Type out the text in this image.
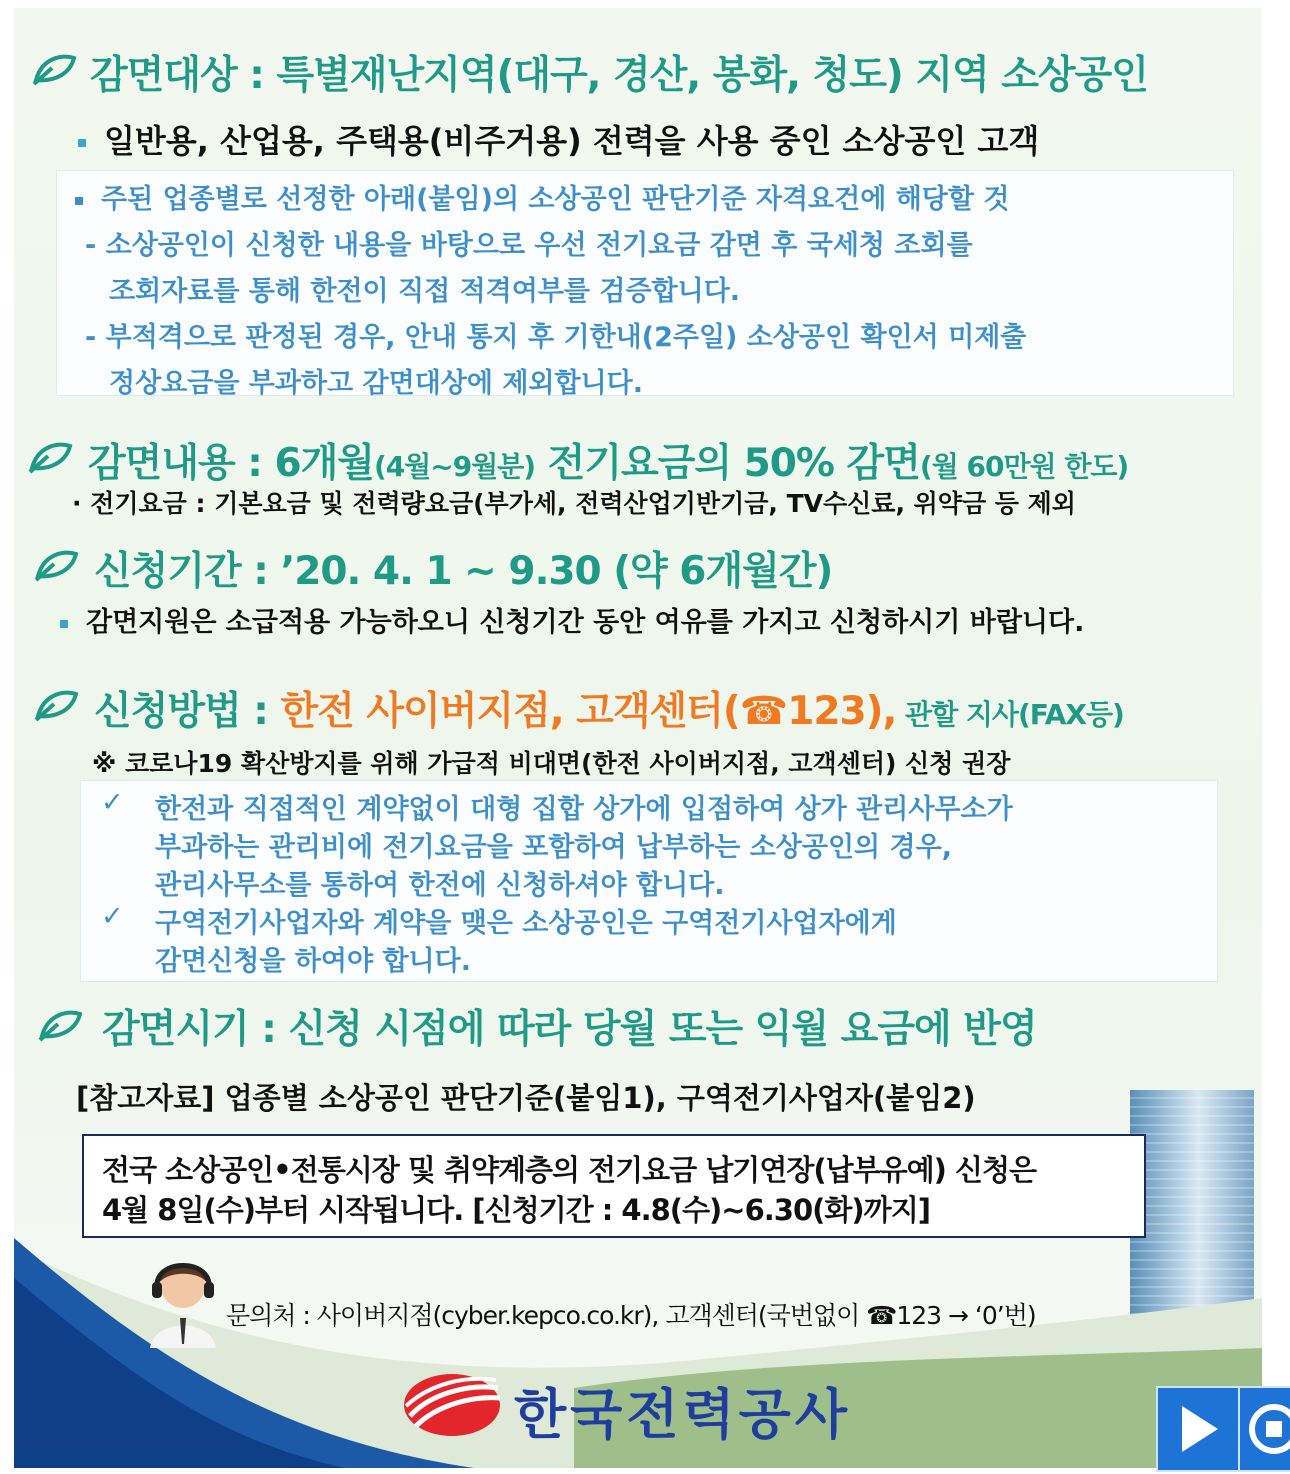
감면대상 : 특별재난지역(대구, 경산, 봉화, 청도) 지역 소상공인
일반용, 산업용, 주택용(비주거용) 전력을 사용 중인 소상공인 고객
주된 업종별로 선정한 아래(붙임)의 소상공인 판단기준 자격요건에 해당할 것
- 소상공인이 신청한 내용을 바탕으로 우선 전기요금 감면 후 국세청 조회를
조회자료를 통해 한전이 직접 적격여부를 검증합니다.
- 부적격으로 판정된 경우, 안내 통지 후 기한내(2주일) 소상공인 확인서 미제출
정상요금을 부과하고 감면대상에 제외합니다.
감면내용 : 6개월(4월~9월분) 전기요금의 50% 감면(월 60만원 한도)
· 전기요금 : 기본요금 및 전력량요금(부가세, 전력산업기반기금, TV수신료, 위약금 등 제외
신청기간 : ’20. 4. 1 ~ 9.30 (약 6개월간)
감면지원은 소급적용 가능하오니 신청기간 동안 여유를 가지고 신청하시기 바랍니다.
신청방법 : 한전 사이버지점, 고객센터(☎123), 관할 지사(FAX등)
※ 코로나19 확산방지를 위해 가급적 비대면(한전 사이버지점, 고객센터) 신청 권장
✓ 한전과 직접적인 계약없이 대형 집합 상가에 입점하여 상가 관리사무소가
부과하는 관리비에 전기요금을 포함하여 납부하는 소상공인의 경우,
관리사무소를 통하여 한전에 신청하셔야 합니다.
✓ 구역전기사업자와 계약을 맺은 소상공인은 구역전기사업자에게
감면신청을 하여야 합니다.
감면시기 : 신청 시점에 따라 당월 또는 익월 요금에 반영
[참고자료] 업종별 소상공인 판단기준(붙임1), 구역전기사업자(붙임2)
전국 소상공인•전통시장 및 취약계층의 전기요금 납기연장(납부유예) 신청은
4월 8일(수)부터 시작됩니다. [신청기간 : 4.8(수)~6.30(화)까지]
문의처 : 사이버지점(cyber.kepco.co.kr), 고객센터(국번없이 ☎123 → ‘0’번)
한국전력공사
